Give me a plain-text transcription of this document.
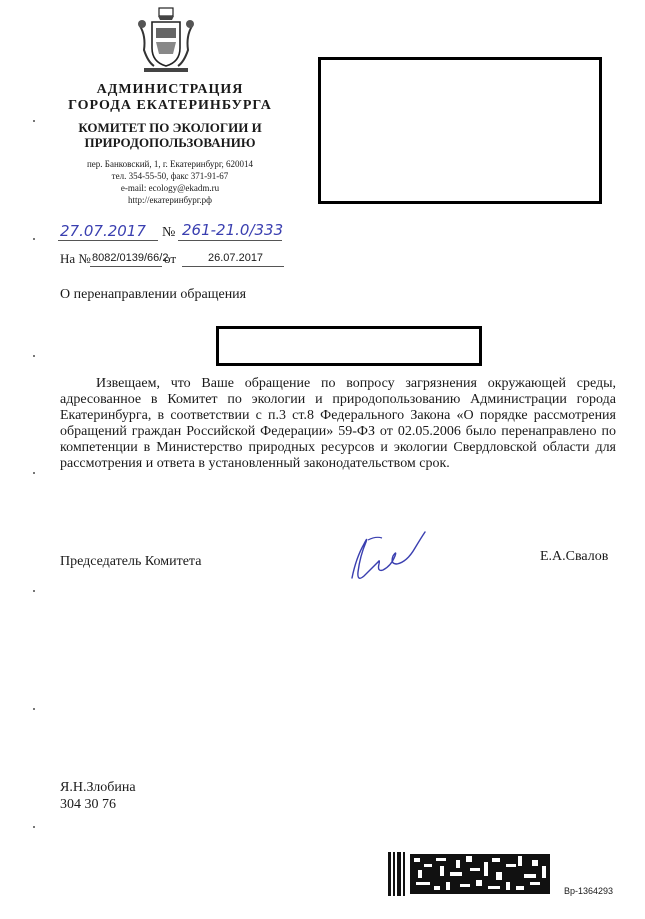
АДМИНИСТРАЦИЯ
ГОРОДА ЕКАТЕРИНБУРГА
КОМИТЕТ ПО ЭКОЛОГИИ И
ПРИРОДОПОЛЬЗОВАНИЮ
пер. Банковский, 1, г. Екатеринбург, 620014
тел. 354-55-50, факс 371-91-67
e-mail: ecology@ekadm.ru
http://екатеринбург.рф
27.07.2017 № 261-21.0/333
На № 8082/0139/66/2
от	26.07.2017
О перенаправлении обращения
Извещаем, что Ваше обращение по вопросу загрязнения окружающей среды, адресованное в Комитет по экологии и природопользованию Администрации города Екатеринбурга, в соответствии с п.3 ст.8 Федерального Закона «О порядке рассмотрения обращений граждан Российской Федерации» 59-ФЗ от 02.05.2006 было перенаправлено по компетенции в Министерство природных ресурсов и экологии Свердловской области для рассмотрения и ответа в установленный законодательством срок.
Председатель Комитета	Е.А.Свалов
Я.Н.Злобина
304 30 76
Вр-1364293
